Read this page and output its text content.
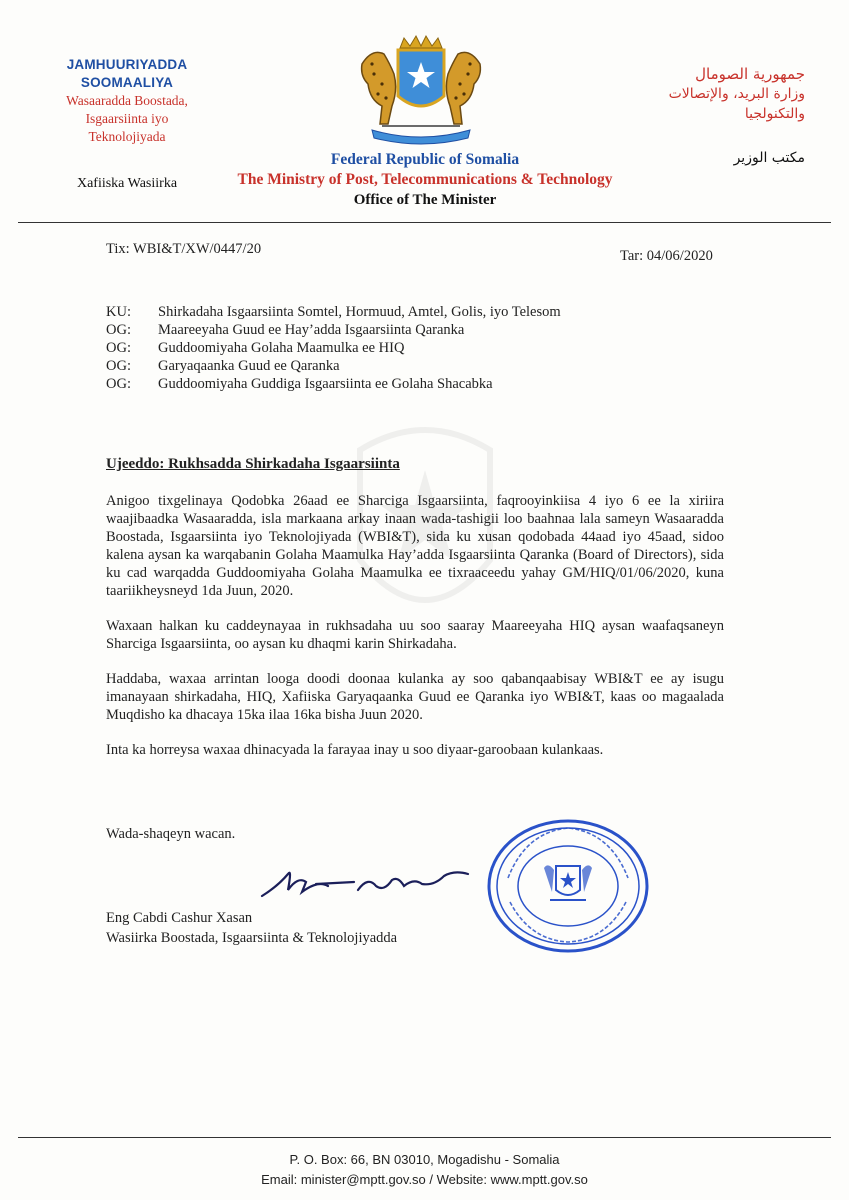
JAMHUURIYADDA
SOOMAALIYA
Wasaaradda Boostada,
Isgaarsiinta iyo
Teknolojiyada
Xafiiska Wasiirka
Federal Republic of Somalia
The Ministry of Post, Telecommunications & Technology
Office of The Minister
جمهورية الصومال
وزارة البريد، والإتصالات
والتكنولجيا
مكتب الوزير
Tix: WBI&T/XW/0447/20	Tar: 04/06/2020
KU:	Shirkadaha Isgaarsiinta Somtel, Hormuud, Amtel, Golis, iyo Telesom
OG:	Maareeyaha Guud ee Hay’adda Isgaarsiinta Qaranka
OG:	Guddoomiyaha Golaha Maamulka ee HIQ
OG:	Garyaqaanka Guud ee Qaranka
OG:	Guddoomiyaha Guddiga Isgaarsiinta ee Golaha Shacabka
Ujeeddo: Rukhsadda Shirkadaha Isgaarsiinta

Anigoo tixgelinaya Qodobka 26aad ee Sharciga Isgaarsiinta, faqrooyinkiisa 4 iyo 6 ee la xiriira waajibaadka Wasaaradda, isla markaana arkay inaan wada-tashigii loo baahnaa lala sameyn Wasaaradda Boostada, Isgaarsiinta iyo Teknolojiyada (WBI&T), sida ku xusan qodobada 44aad iyo 45aad, sidoo kalena aysan ka warqabanin Golaha Maamulka Hay’adda Isgaarsiinta Qaranka (Board of Directors), sida ku cad warqadda Guddoomiyaha Golaha Maamulka ee tixraaceedu yahay GM/HIQ/01/06/2020, kuna taariikheysneyd 1da Juun, 2020.

Waxaan halkan ku caddeynayaa in rukhsadaha uu soo saaray Maareeyaha HIQ aysan waafaqsaneyn Sharciga Isgaarsiinta, oo aysan ku dhaqmi karin Shirkadaha.

Haddaba, waxaa arrintan looga doodi doonaa kulanka ay soo qabanqaabisay WBI&T ee ay isugu imanayaan shirkadaha, HIQ, Xafiiska Garyaqaanka Guud ee Qaranka iyo WBI&T, kaas oo magaalada Muqdisho ka dhacaya 15ka ilaa 16ka bisha Juun 2020.

Inta ka horreysa waxaa dhinacyada la farayaa inay u soo diyaar-garoobaan kulankaas.

Wada-shaqeyn wacan.
Eng Cabdi Cashur Xasan
Wasiirka Boostada, Isgaarsiinta & Teknolojiyadda
P. O. Box: 66, BN 03010, Mogadishu - Somalia
Email: minister@mptt.gov.so / Website: www.mptt.gov.so
